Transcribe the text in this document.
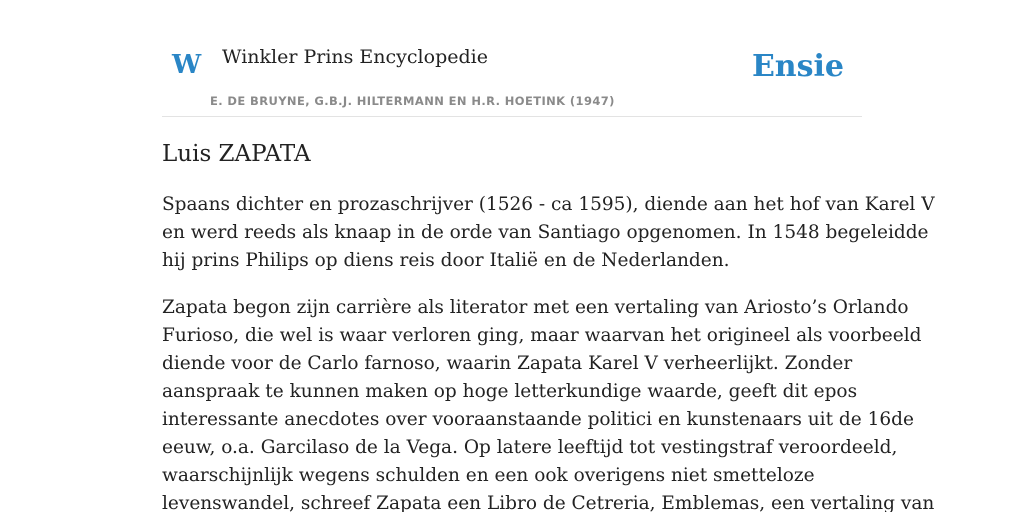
W Winkler Prins Encyclopedie
E. DE BRUYNE, G.B.J. HILTERMANN EN H.R. HOETINK (1947)
Ensie
Luis ZAPATA

Spaans dichter en prozaschrijver (1526 - ca 1595), diende aan het hof van Karel V
en werd reeds als knaap in de orde van Santiago opgenomen. In 1548 begeleidde
hij prins Philips op diens reis door Italië en de Nederlanden.

Zapata begon zijn carrière als literator met een vertaling van Ariosto’s Orlando
Furioso, die wel is waar verloren ging, maar waarvan het origineel als voorbeeld
diende voor de Carlo farnoso, waarin Zapata Karel V verheerlijkt. Zonder
aanspraak te kunnen maken op hoge letterkundige waarde, geeft dit epos
interessante anecdotes over vooraanstaande politici en kunstenaars uit de 16de
eeuw, o.a. Garcilaso de la Vega. Op latere leeftijd tot vestingstraf veroordeeld,
waarschijnlijk wegens schulden en een ook overigens niet smetteloze
levenswandel, schreef Zapata een Libro de Cetreria, Emblemas, een vertaling van
